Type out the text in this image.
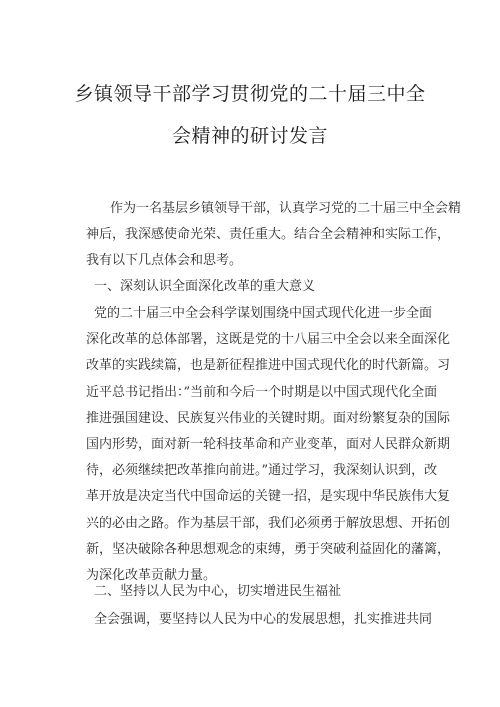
乡镇领导干部学习贯彻党的二十届三中全
会精神的研讨发言
作为一名基层乡镇领导干部，认真学习党的二十届三中全会精
神后，我深感使命光荣、责任重大。结合全会精神和实际工作，
我有以下几点体会和思考。
一、深刻认识全面深化改革的重大意义
党的二十届三中全会科学谋划围绕中国式现代化进一步全面
深化改革的总体部署，这既是党的十八届三中全会以来全面深化
改革的实践续篇，也是新征程推进中国式现代化的时代新篇。习
近平总书记指出：”当前和今后一个时期是以中国式现代化全面
推进强国建设、民族复兴伟业的关键时期。面对纷繁复杂的国际
国内形势，面对新一轮科技革命和产业变革，面对人民群众新期
待，必须继续把改革推向前进。”通过学习，我深刻认识到，改
革开放是决定当代中国命运的关键一招，是实现中华民族伟大复
兴的必由之路。作为基层干部，我们必须勇于解放思想、开拓创
新，坚决破除各种思想观念的束缚，勇于突破利益固化的藩篱，
为深化改革贡献力量。
二、坚持以人民为中心，切实增进民生福祉
全会强调，要坚持以人民为中心的发展思想，扎实推进共同
